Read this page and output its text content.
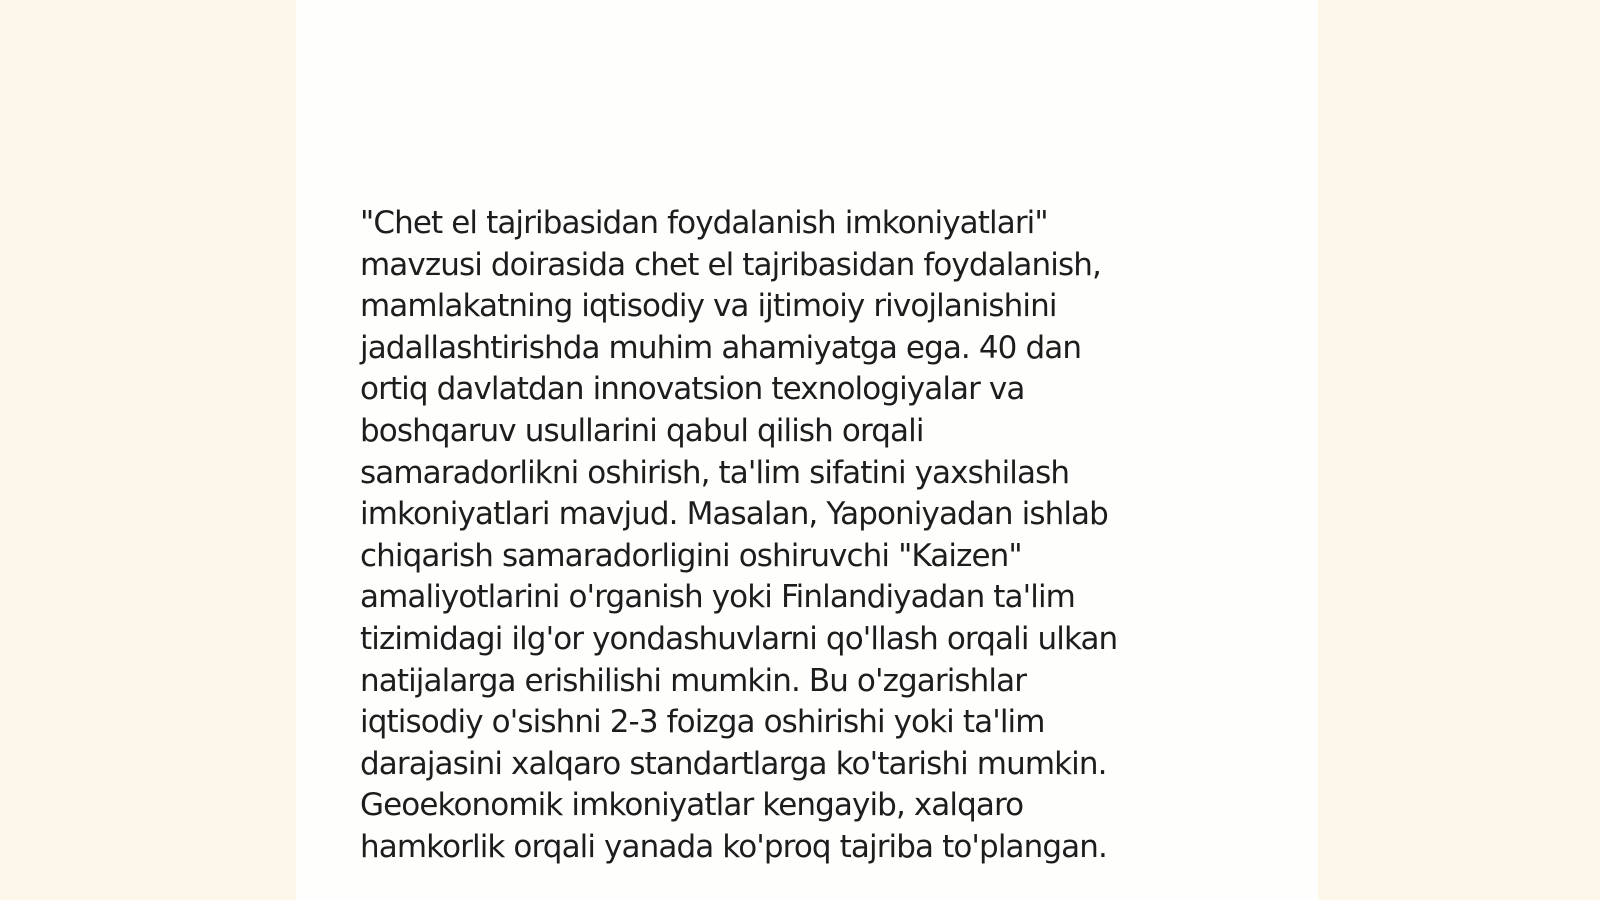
"Chet el tajribasidan foydalanish imkoniyatlari"
mavzusi doirasida chet el tajribasidan foydalanish,
mamlakatning iqtisodiy va ijtimoiy rivojlanishini
jadallashtirishda muhim ahamiyatga ega. 40 dan
ortiq davlatdan innovatsion texnologiyalar va
boshqaruv usullarini qabul qilish orqali
samaradorlikni oshirish, ta'lim sifatini yaxshilash
imkoniyatlari mavjud. Masalan, Yaponiyadan ishlab
chiqarish samaradorligini oshiruvchi "Kaizen"
amaliyotlarini o'rganish yoki Finlandiyadan ta'lim
tizimidagi ilg'or yondashuvlarni qo'llash orqali ulkan
natijalarga erishilishi mumkin. Bu o'zgarishlar
iqtisodiy o'sishni 2-3 foizga oshirishi yoki ta'lim
darajasini xalqaro standartlarga ko'tarishi mumkin.
Geoekonomik imkoniyatlar kengayib, xalqaro
hamkorlik orqali yanada ko'proq tajriba to'plangan.
